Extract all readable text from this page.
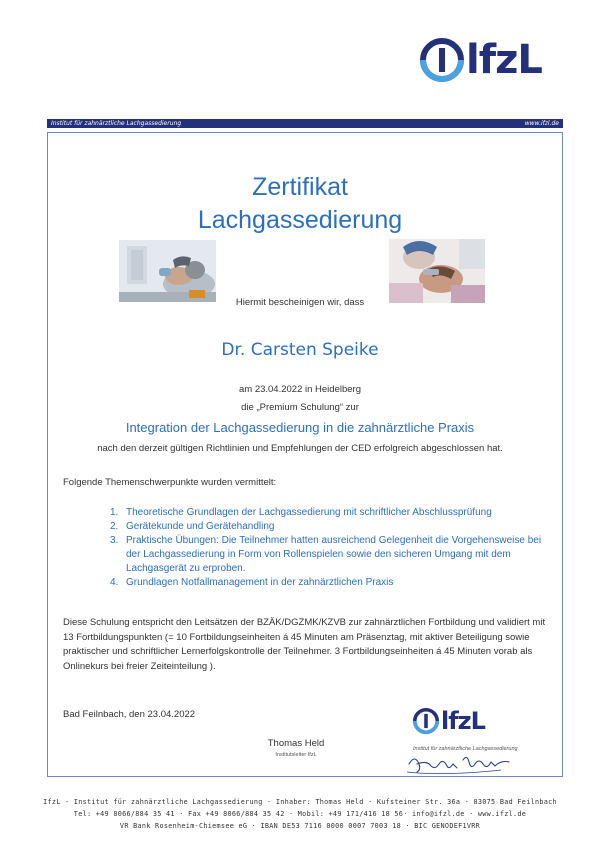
lfzL
Institut für zahnärztliche Lachgassedierung	www.ifzl.de
Zertifikat
Lachgassedierung
Hiermit bescheinigen wir, dass
Dr. Carsten Speike
am 23.04.2022 in Heidelberg
die „Premium Schulung“ zur
Integration der Lachgassedierung in die zahnärztliche Praxis
nach den derzeit gültigen Richtlinien und Empfehlungen der CED erfolgreich abgeschlossen hat.
Folgende Themenschwerpunkte wurden vermittelt:
1. Theoretische Grundlagen der Lachgassedierung mit schriftlicher Abschlussprüfung
2. Gerätekunde und Gerätehandling
3. Praktische Übungen: Die Teilnehmer hatten ausreichend Gelegenheit die Vorgehensweise bei der Lachgassedierung in Form von Rollenspielen sowie den sicheren Umgang mit dem Lachgasgerät zu erproben.
4. Grundlagen Notfallmanagement in der zahnärztlichen Praxis
Diese Schulung entspricht den Leitsätzen der BZÄK/DGZMK/KZVB zur zahnärztlichen Fortbildung und validiert mit 13 Fortbildungspunkten (= 10 Fortbildungseinheiten á 45 Minuten am Präsenztag, mit aktiver Beteiligung sowie praktischer und schriftlicher Lernerfolgskontrolle der Teilnehmer. 3 Fortbildungseinheiten á 45 Minuten vorab als Onlinekurs bei freier Zeiteinteilung ).
Bad Feilnbach, den 23.04.2022
Thomas Held
Institutsleiter IfzL
lfzL
Institut für zahnärztliche Lachgassedierung
IfzL - Institut für zahnärztliche Lachgassedierung · Inhaber: Thomas Held · Kufsteiner Str. 36a · 83075 Bad Feilnbach
Tel: +49 8066/884 35 41 · Fax +49 8066/884 35 42 · Mobil: +49 171/416 18 56· info@ifzl.de · www.ifzl.de
VR Bank Rosenheim-Chiemsee eG · IBAN DE53 7116 0000 0007 7003 18 · BIC GENODEF1VRR
